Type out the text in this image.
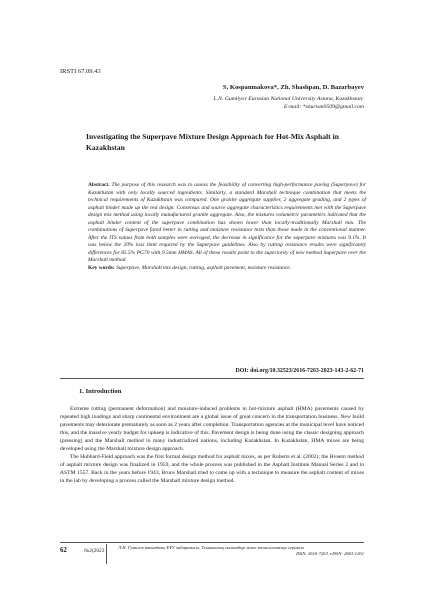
IRSTI 67.09.43
S. Kospanmakova*, Zh. Shashpan, D. Bazarbayev
L.N. Gumilyov Eurasian National University Astana, Kazakhstan:
E-mail: *snurism0509@gmail.com
Investigating the Superpave Mixture Design Approach for Hot-Mix Asphalt in Kazakhstan
Abstract. The purpose of this research was to assess the feasibility of converting high-performance paving (Superpave) for Kazakhstan with only locally sourced ingredients. Similarly, a standard Marshall technique combination that meets the technical requirements of Kazakhstan was compared. One granite aggregate supplier, 2 aggregate grading, and 2 types of asphalt binder made up the test design. Consensus and source aggregate characteristics requirements met with the Superpave design mix method using locally manufactured granite aggregate. Also, the mixtures volumetric parameters indicated that the asphalt binder content of the superpave combination has shown lower than locally-traditionally Marshall mix. The combinations of Superpave fared better in rutting and moisture resistance tests than those made in the conventional manner. After the ITS values from both samples were averaged, the decrease in significance for the superpave mixtures was 9.1%. It was below the 20% loss limit required by the Superpave guidelines. Also by rutting resistance results were significantly differences for 85.5% PG70 with 9.5mm HMAS. All of these results point to the superiority of new method Superpave over the Marshall method.
Key words: Superpave, Marshall mix design, rutting, asphalt pavement, moisture resistance.
DOI: doi.org/10.32523/2616-7263-2023-143-2-62-71
1. Introduction

Extreme rutting (permanent deformation) and moisture-induced problems in hot-mixture asphalt (HMA) pavements caused by repeated high loadings and sharp continental environment are a global issue of great concern in the transportation business. New build pavements may deteriorate prematurely as soon as 2 years after completion. Transportation agencies at the municipal level have noticed this, and the massive yearly budget for upkeep is indicative of this. Pavement design is being done using the classic designing approach (pressing) and the Marshall method in many industrialized nations, including Kazakhstan. In Kazakhstan, HMA mixes are being developed using the Marshall mixture design approach.

The Hubbard-Field approach was the first formal design method for asphalt mixes, as per Roberts et al. (2002); the Hveem method of asphalt mixture design was finalized in 1959, and the whole process was published in the Asphalt Institute Manual Series 2 and in ASTM 1557. Back in the years before 1943, Bruce Marshall tried to come up with a technique to measure the asphalt content of mixes in the lab by developing a process called the Marshall mixture design method.

62	№2(2023
Л.Н. Гумилев атындағы ЕҰУ хабаршысы. Техникалық ғылымдар және технологиялар сериясы
ISSN: 2616-7263. eISSN: 2663-1261
